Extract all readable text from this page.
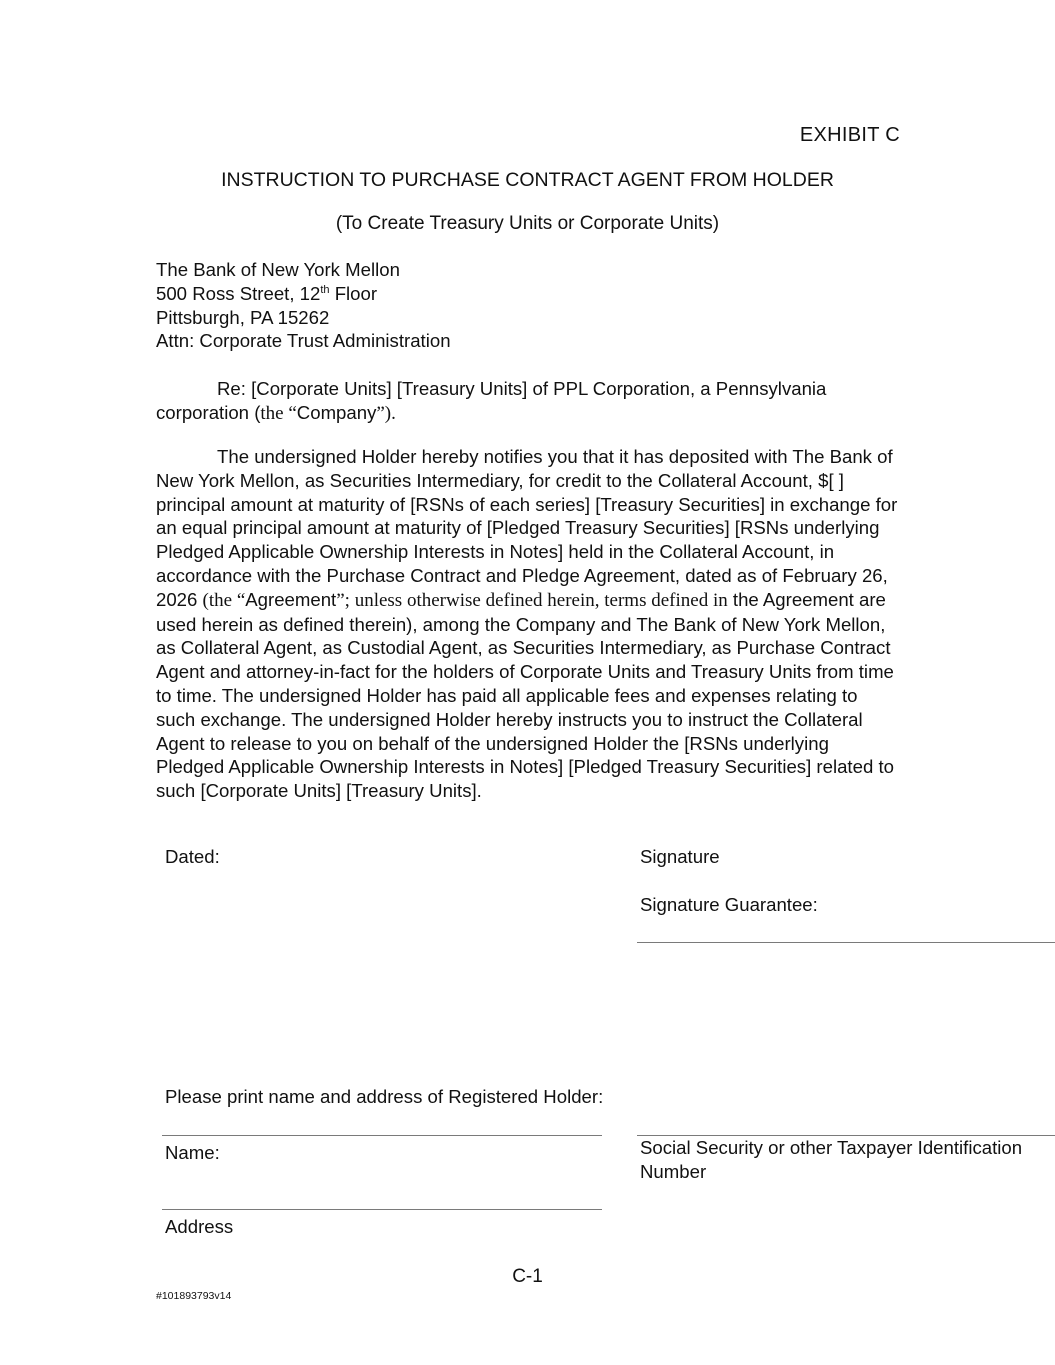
EXHIBIT C
INSTRUCTION TO PURCHASE CONTRACT AGENT FROM HOLDER
(To Create Treasury Units or Corporate Units)
The Bank of New York Mellon
500 Ross Street, 12th Floor
Pittsburgh, PA 15262
Attn: Corporate Trust Administration
Re: [Corporate Units] [Treasury Units] of PPL Corporation, a Pennsylvania corporation (the “Company”).
The undersigned Holder hereby notifies you that it has deposited with The Bank of New York Mellon, as Securities Intermediary, for credit to the Collateral Account, $[ ] principal amount at maturity of [RSNs of each series] [Treasury Securities] in exchange for an equal principal amount at maturity of [Pledged Treasury Securities] [RSNs underlying Pledged Applicable Ownership Interests in Notes] held in the Collateral Account, in accordance with the Purchase Contract and Pledge Agreement, dated as of February 26, 2026 (the “Agreement”; unless otherwise defined herein, terms defined in the Agreement are used herein as defined therein), among the Company and The Bank of New York Mellon, as Collateral Agent, as Custodial Agent, as Securities Intermediary, as Purchase Contract Agent and attorney-in-fact for the holders of Corporate Units and Treasury Units from time to time. The undersigned Holder has paid all applicable fees and expenses relating to such exchange. The undersigned Holder hereby instructs you to instruct the Collateral Agent to release to you on behalf of the undersigned Holder the [RSNs underlying Pledged Applicable Ownership Interests in Notes] [Pledged Treasury Securities] related to such [Corporate Units] [Treasury Units].
Dated:	Signature
Signature Guarantee:
Please print name and address of Registered Holder:
Name:	Social Security or other Taxpayer Identification Number
Address
C-1
#101893793v14
